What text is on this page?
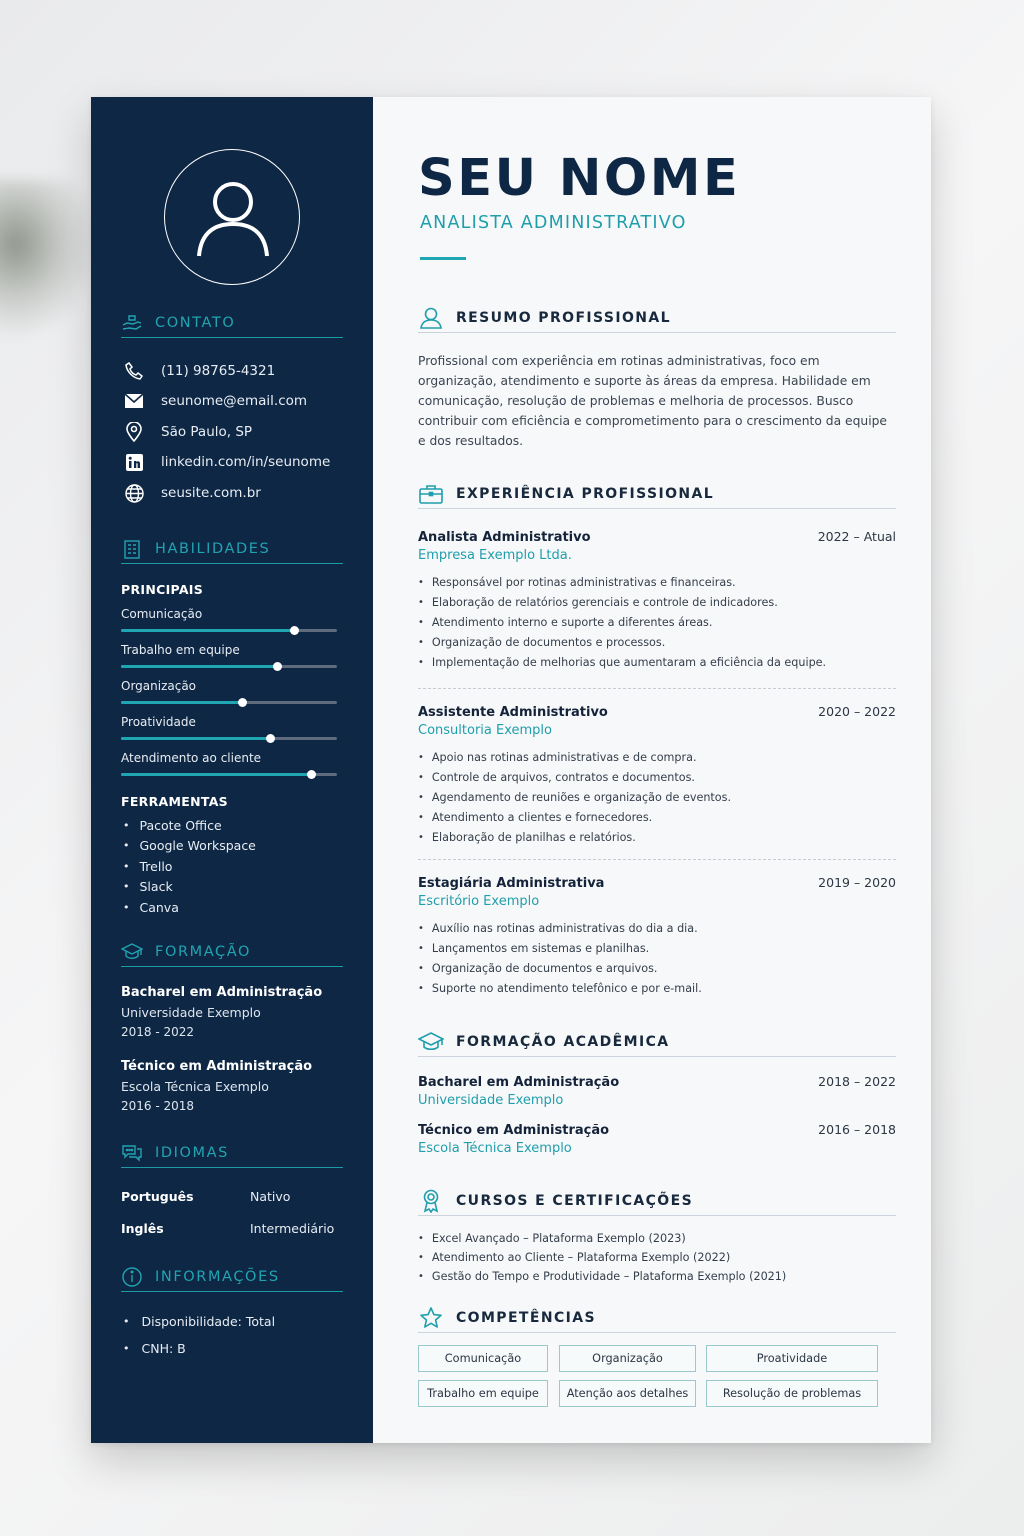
CONTATO
(11) 98765-4321
seunome@email.com
São Paulo, SP
linkedin.com/in/seunome
seusite.com.br
HABILIDADES
PRINCIPAIS
Comunicação
Trabalho em equipe
Organização
Proatividade
Atendimento ao cliente
FERRAMENTAS
• Pacote Office
• Google Workspace
• Trello
• Slack
• Canva
FORMAÇÃO
Bacharel em Administração
Universidade Exemplo
2018 - 2022
Técnico em Administração
Escola Técnica Exemplo
2016 - 2018
IDIOMAS
Português	Nativo
Inglês	Intermediário
INFORMAÇÕES
• Disponibilidade: Total
• CNH: B
SEU NOME
ANALISTA ADMINISTRATIVO
RESUMO PROFISSIONAL
Profissional com experiência em rotinas administrativas, foco em organização, atendimento e suporte às áreas da empresa. Habilidade em comunicação, resolução de problemas e melhoria de processos. Busco contribuir com eficiência e comprometimento para o crescimento da equipe e dos resultados.
EXPERIÊNCIA PROFISSIONAL
Analista Administrativo	2022 – Atual
Empresa Exemplo Ltda.
• Responsável por rotinas administrativas e financeiras.
• Elaboração de relatórios gerenciais e controle de indicadores.
• Atendimento interno e suporte a diferentes áreas.
• Organização de documentos e processos.
• Implementação de melhorias que aumentaram a eficiência da equipe.
Assistente Administrativo	2020 – 2022
Consultoria Exemplo
• Apoio nas rotinas administrativas e de compra.
• Controle de arquivos, contratos e documentos.
• Agendamento de reuniões e organização de eventos.
• Atendimento a clientes e fornecedores.
• Elaboração de planilhas e relatórios.
Estagiária Administrativa	2019 – 2020
Escritório Exemplo
• Auxílio nas rotinas administrativas do dia a dia.
• Lançamentos em sistemas e planilhas.
• Organização de documentos e arquivos.
• Suporte no atendimento telefônico e por e-mail.
FORMAÇÃO ACADÊMICA
Bacharel em Administração	2018 – 2022
Universidade Exemplo
Técnico em Administração	2016 – 2018
Escola Técnica Exemplo
CURSOS E CERTIFICAÇÕES
• Excel Avançado – Plataforma Exemplo (2023)
• Atendimento ao Cliente – Plataforma Exemplo (2022)
• Gestão do Tempo e Produtividade – Plataforma Exemplo (2021)
COMPETÊNCIAS
Comunicação	Organização	Proatividade
Trabalho em equipe	Atenção aos detalhes	Resolução de problemas
